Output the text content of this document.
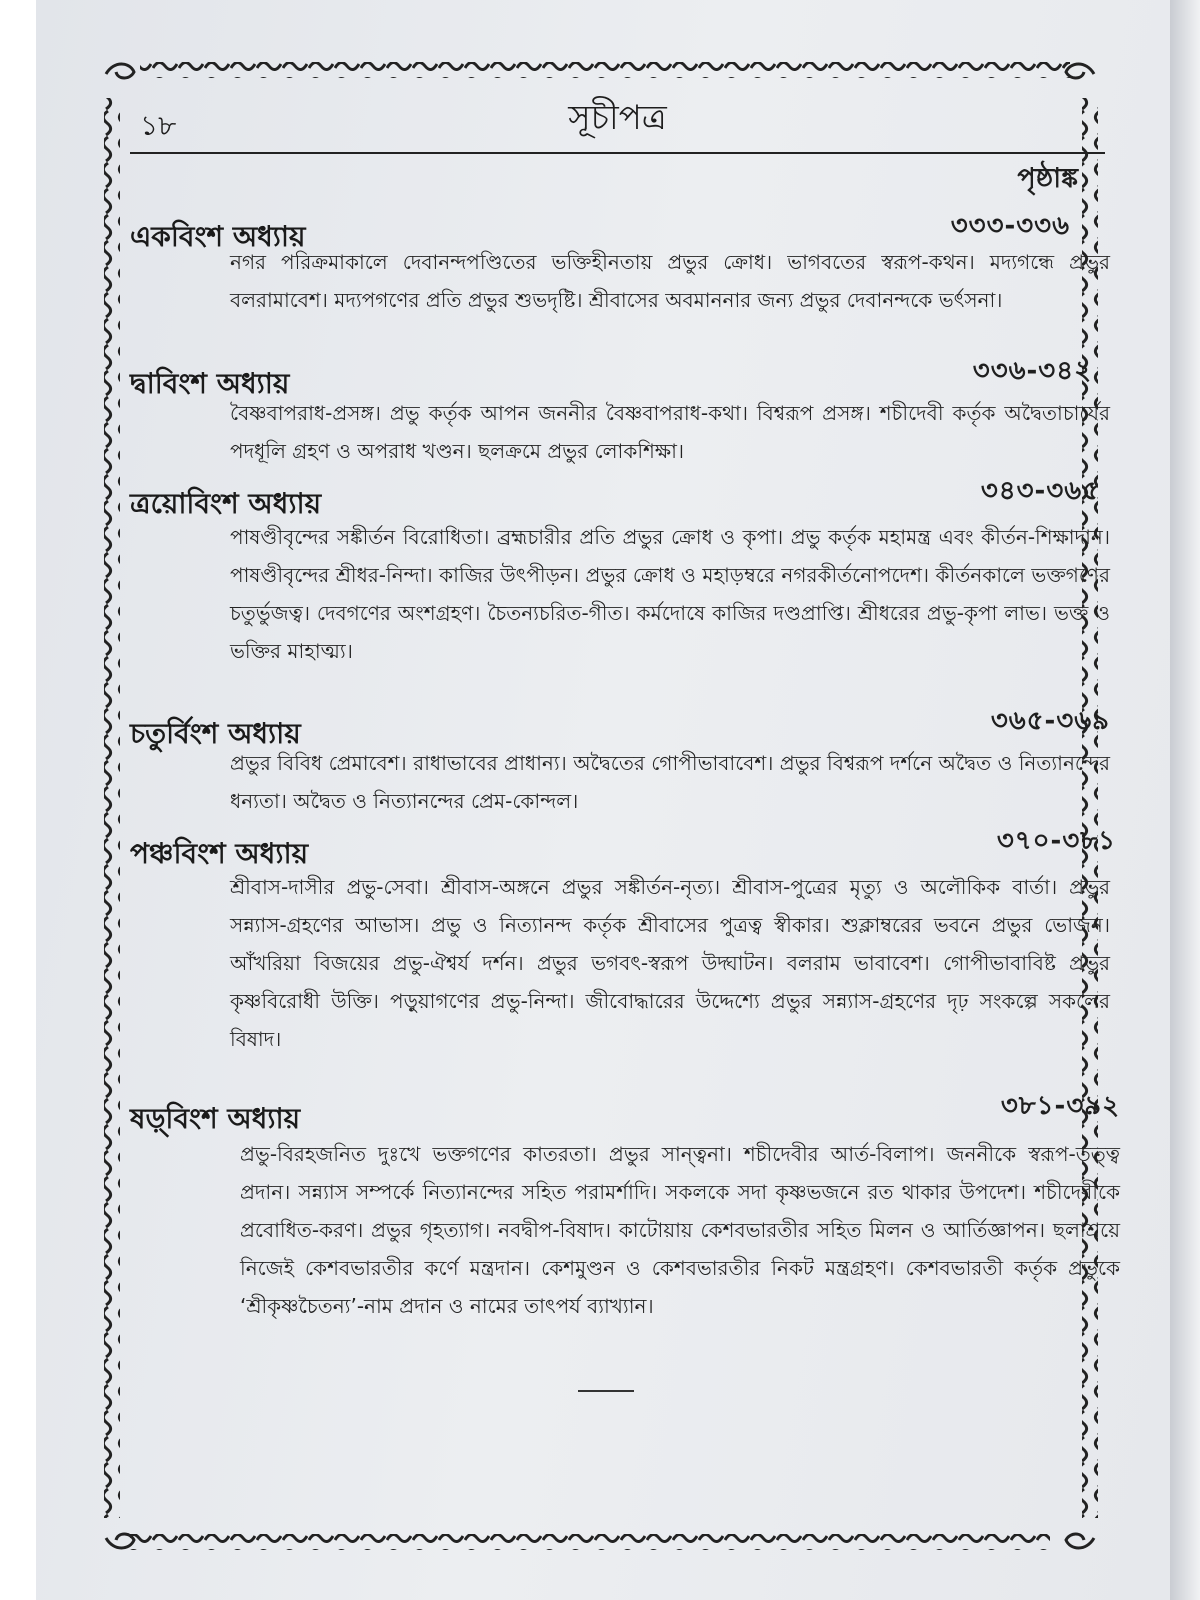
১৮	সূচীপত্র
পৃষ্ঠাঙ্ক
৩৩৩-৩৩৬
একবিংশ অধ্যায়
নগর পরিক্রমাকালে দেবানন্দপণ্ডিতের ভক্তিহীনতায় প্রভুর ক্রোধ। ভাগবতের স্বরূপ-কথন। মদ্যগন্ধে প্রভুর বলরামাবেশ। মদ্যপগণের প্রতি প্রভুর শুভদৃষ্টি। শ্রীবাসের অবমাননার জন্য প্রভুর দেবানন্দকে ভর্ৎসনা।
৩৩৬-৩৪২
দ্বাবিংশ অধ্যায়
বৈষ্ণবাপরাধ-প্রসঙ্গ। প্রভু কর্তৃক আপন জননীর বৈষ্ণবাপরাধ-কথা। বিশ্বরূপ প্রসঙ্গ। শচীদেবী কর্তৃক অদ্বৈতাচার্যের পদধূলি গ্রহণ ও অপরাধ খণ্ডন। ছলক্রমে প্রভুর লোকশিক্ষা।
৩৪৩-৩৬৫
ত্রয়োবিংশ অধ্যায়
পাষণ্ডীবৃন্দের সঙ্কীর্তন বিরোধিতা। ব্রহ্মচারীর প্রতি প্রভুর ক্রোধ ও কৃপা। প্রভু কর্তৃক মহামন্ত্র এবং কীর্তন-শিক্ষাদান। পাষণ্ডীবৃন্দের শ্রীধর-নিন্দা। কাজির উৎপীড়ন। প্রভুর ক্রোধ ও মহাড়ম্বরে নগরকীর্তনোপদেশ। কীর্তনকালে ভক্তগণের চতুর্ভুজত্ব। দেবগণের অংশগ্রহণ। চৈতন্যচরিত-গীত। কর্মদোষে কাজির দণ্ডপ্রাপ্তি। শ্রীধরের প্রভু-কৃপা লাভ। ভক্ত ও ভক্তির মাহাত্ম্য।
৩৬৫-৩৬৯
চতুর্বিংশ অধ্যায়
প্রভুর বিবিধ প্রেমাবেশ। রাধাভাবের প্রাধান্য। অদ্বৈতের গোপীভাবাবেশ। প্রভুর বিশ্বরূপ দর্শনে অদ্বৈত ও নিত্যানন্দের ধন্যতা। অদ্বৈত ও নিত্যানন্দের প্রেম-কোন্দল।
৩৭০-৩৮১
পঞ্চবিংশ অধ্যায়
শ্রীবাস-দাসীর প্রভু-সেবা। শ্রীবাস-অঙ্গনে প্রভুর সঙ্কীর্তন-নৃত্য। শ্রীবাস-পুত্রের মৃত্যু ও অলৌকিক বার্তা। প্রভুর সন্ন্যাস-গ্রহণের আভাস। প্রভু ও নিত্যানন্দ কর্তৃক শ্রীবাসের পুত্রত্ব স্বীকার। শুক্লাম্বরের ভবনে প্রভুর ভোজন। আঁখরিয়া বিজয়ের প্রভু-ঐশ্বর্য দর্শন। প্রভুর ভগবৎ-স্বরূপ উদ্ঘাটন। বলরাম ভাবাবেশ। গোপীভাবাবিষ্ট প্রভুর কৃষ্ণবিরোধী উক্তি। পড়ুয়াগণের প্রভু-নিন্দা। জীবোদ্ধারের উদ্দেশ্যে প্রভুর সন্ন্যাস-গ্রহণের দৃঢ় সংকল্পে সকলের বিষাদ।
৩৮১-৩৯২
ষড়্‌বিংশ অধ্যায়
প্রভু-বিরহজনিত দুঃখে ভক্তগণের কাতরতা। প্রভুর সান্ত্বনা। শচীদেবীর আর্ত-বিলাপ। জননীকে স্বরূপ-তত্ত্ব প্রদান। সন্ন্যাস সম্পর্কে নিত্যানন্দের সহিত পরামর্শাদি। সকলকে সদা কৃষ্ণভজনে রত থাকার উপদেশ। শচীদেবীকে প্রবোধিত-করণ। প্রভুর গৃহত্যাগ। নবদ্বীপ-বিষাদ। কাটোয়ায় কেশবভারতীর সহিত মিলন ও আর্তিজ্ঞাপন। ছলাশ্রয়ে নিজেই কেশবভারতীর কর্ণে মন্ত্রদান। কেশমুণ্ডন ও কেশবভারতীর নিকট মন্ত্রগ্রহণ। কেশবভারতী কর্তৃক প্রভুকে ‘শ্রীকৃষ্ণচৈতন্য’-নাম প্রদান ও নামের তাৎপর্য ব্যাখ্যান।
